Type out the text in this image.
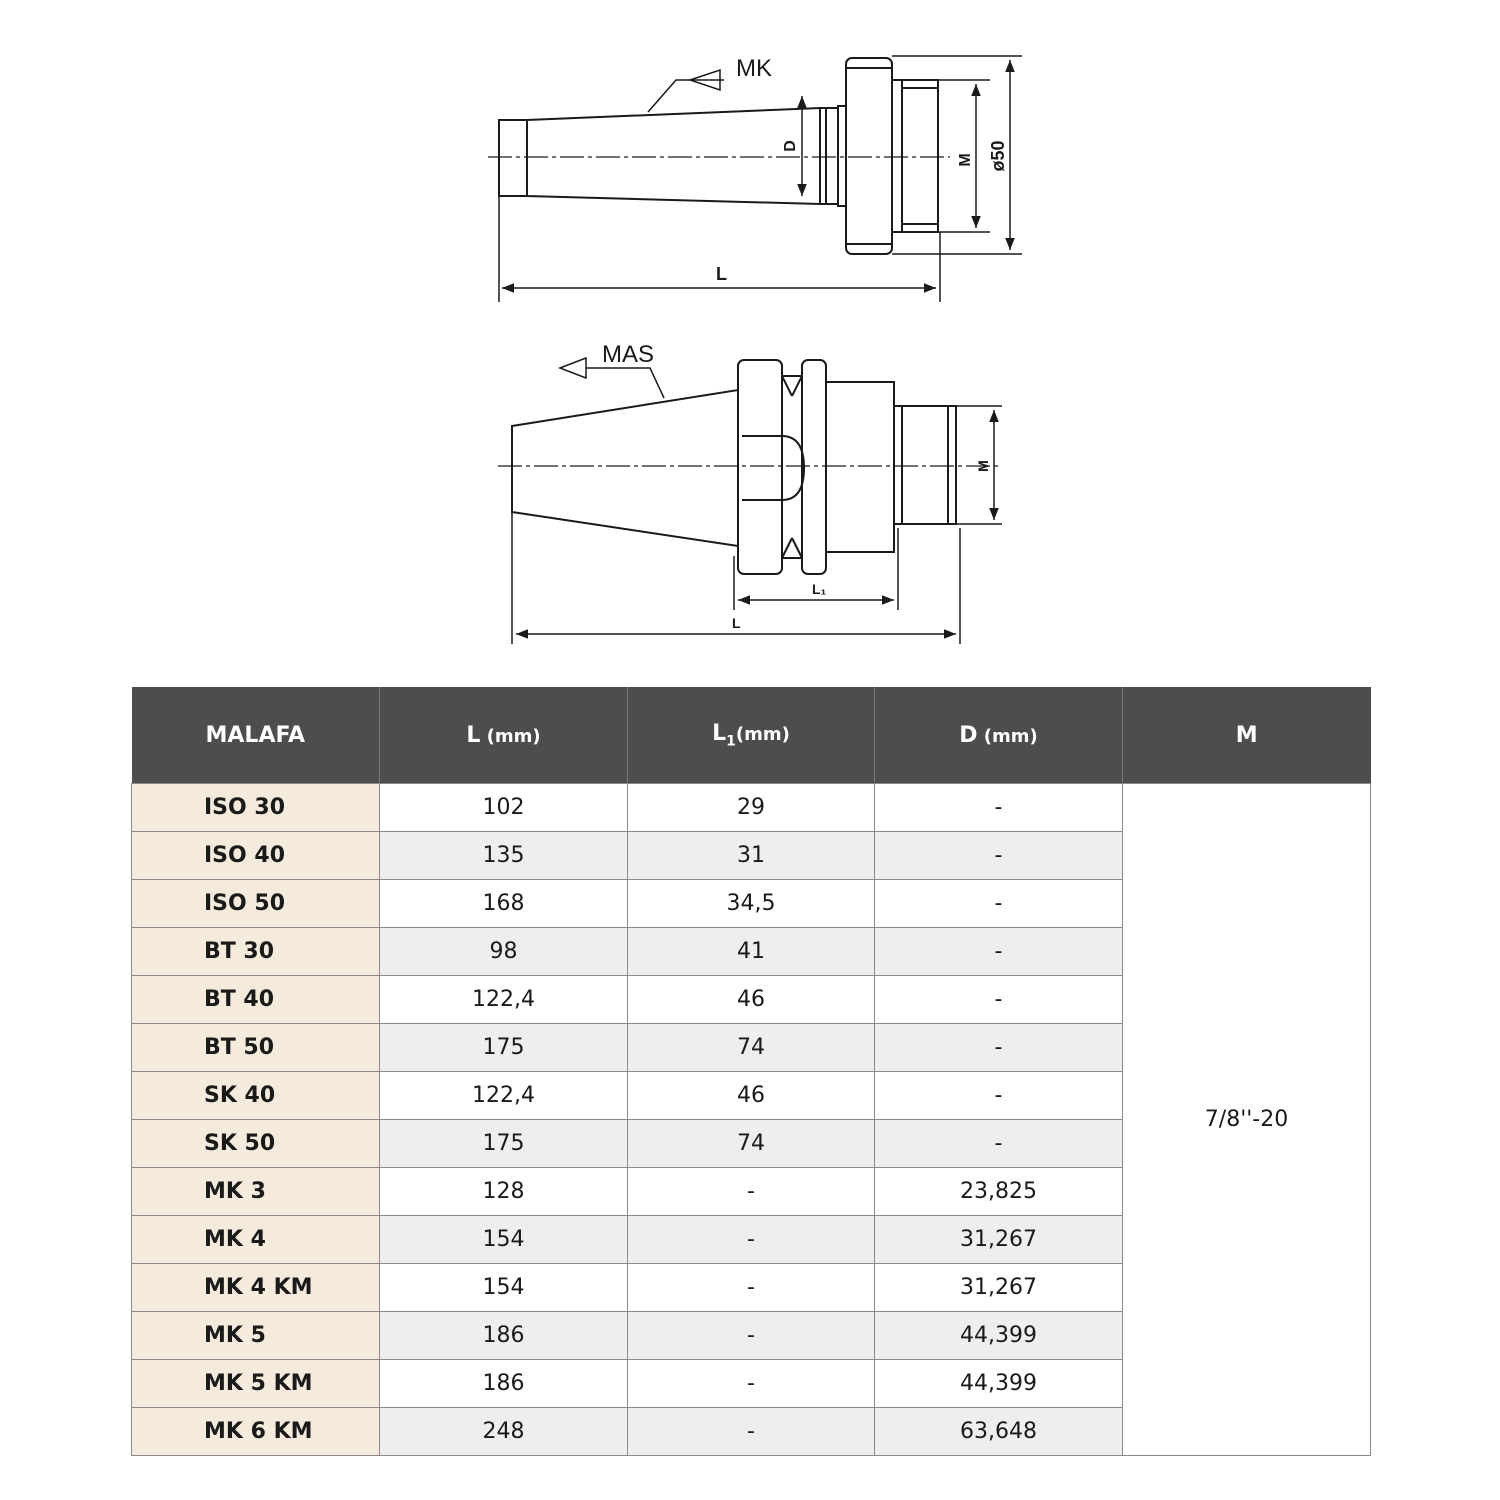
MK
D
M ø50
L
MAS
M
L₁
L
MALAFA	L (mm)	$L_1(mm)$	D (mm)	M
ISO 30	102	29	-	7/8''-20
ISO 40	135	31	-	
ISO 50	168	34,5	-	
BT 30	98	41	-	
BT 40	122,4	46	-	
BT 50	175	74	-	
SK 40	122,4	46	-	
SK 50	175	74	-	
MK 3	128	-	23,825	
MK 4	154	-	31,267	
MK 4 KM	154	-	31,267	
MK 5	186	-	44,399	
MK 5 KM	186	-	44,399	
MK 6 KM	248	-	63,648	
